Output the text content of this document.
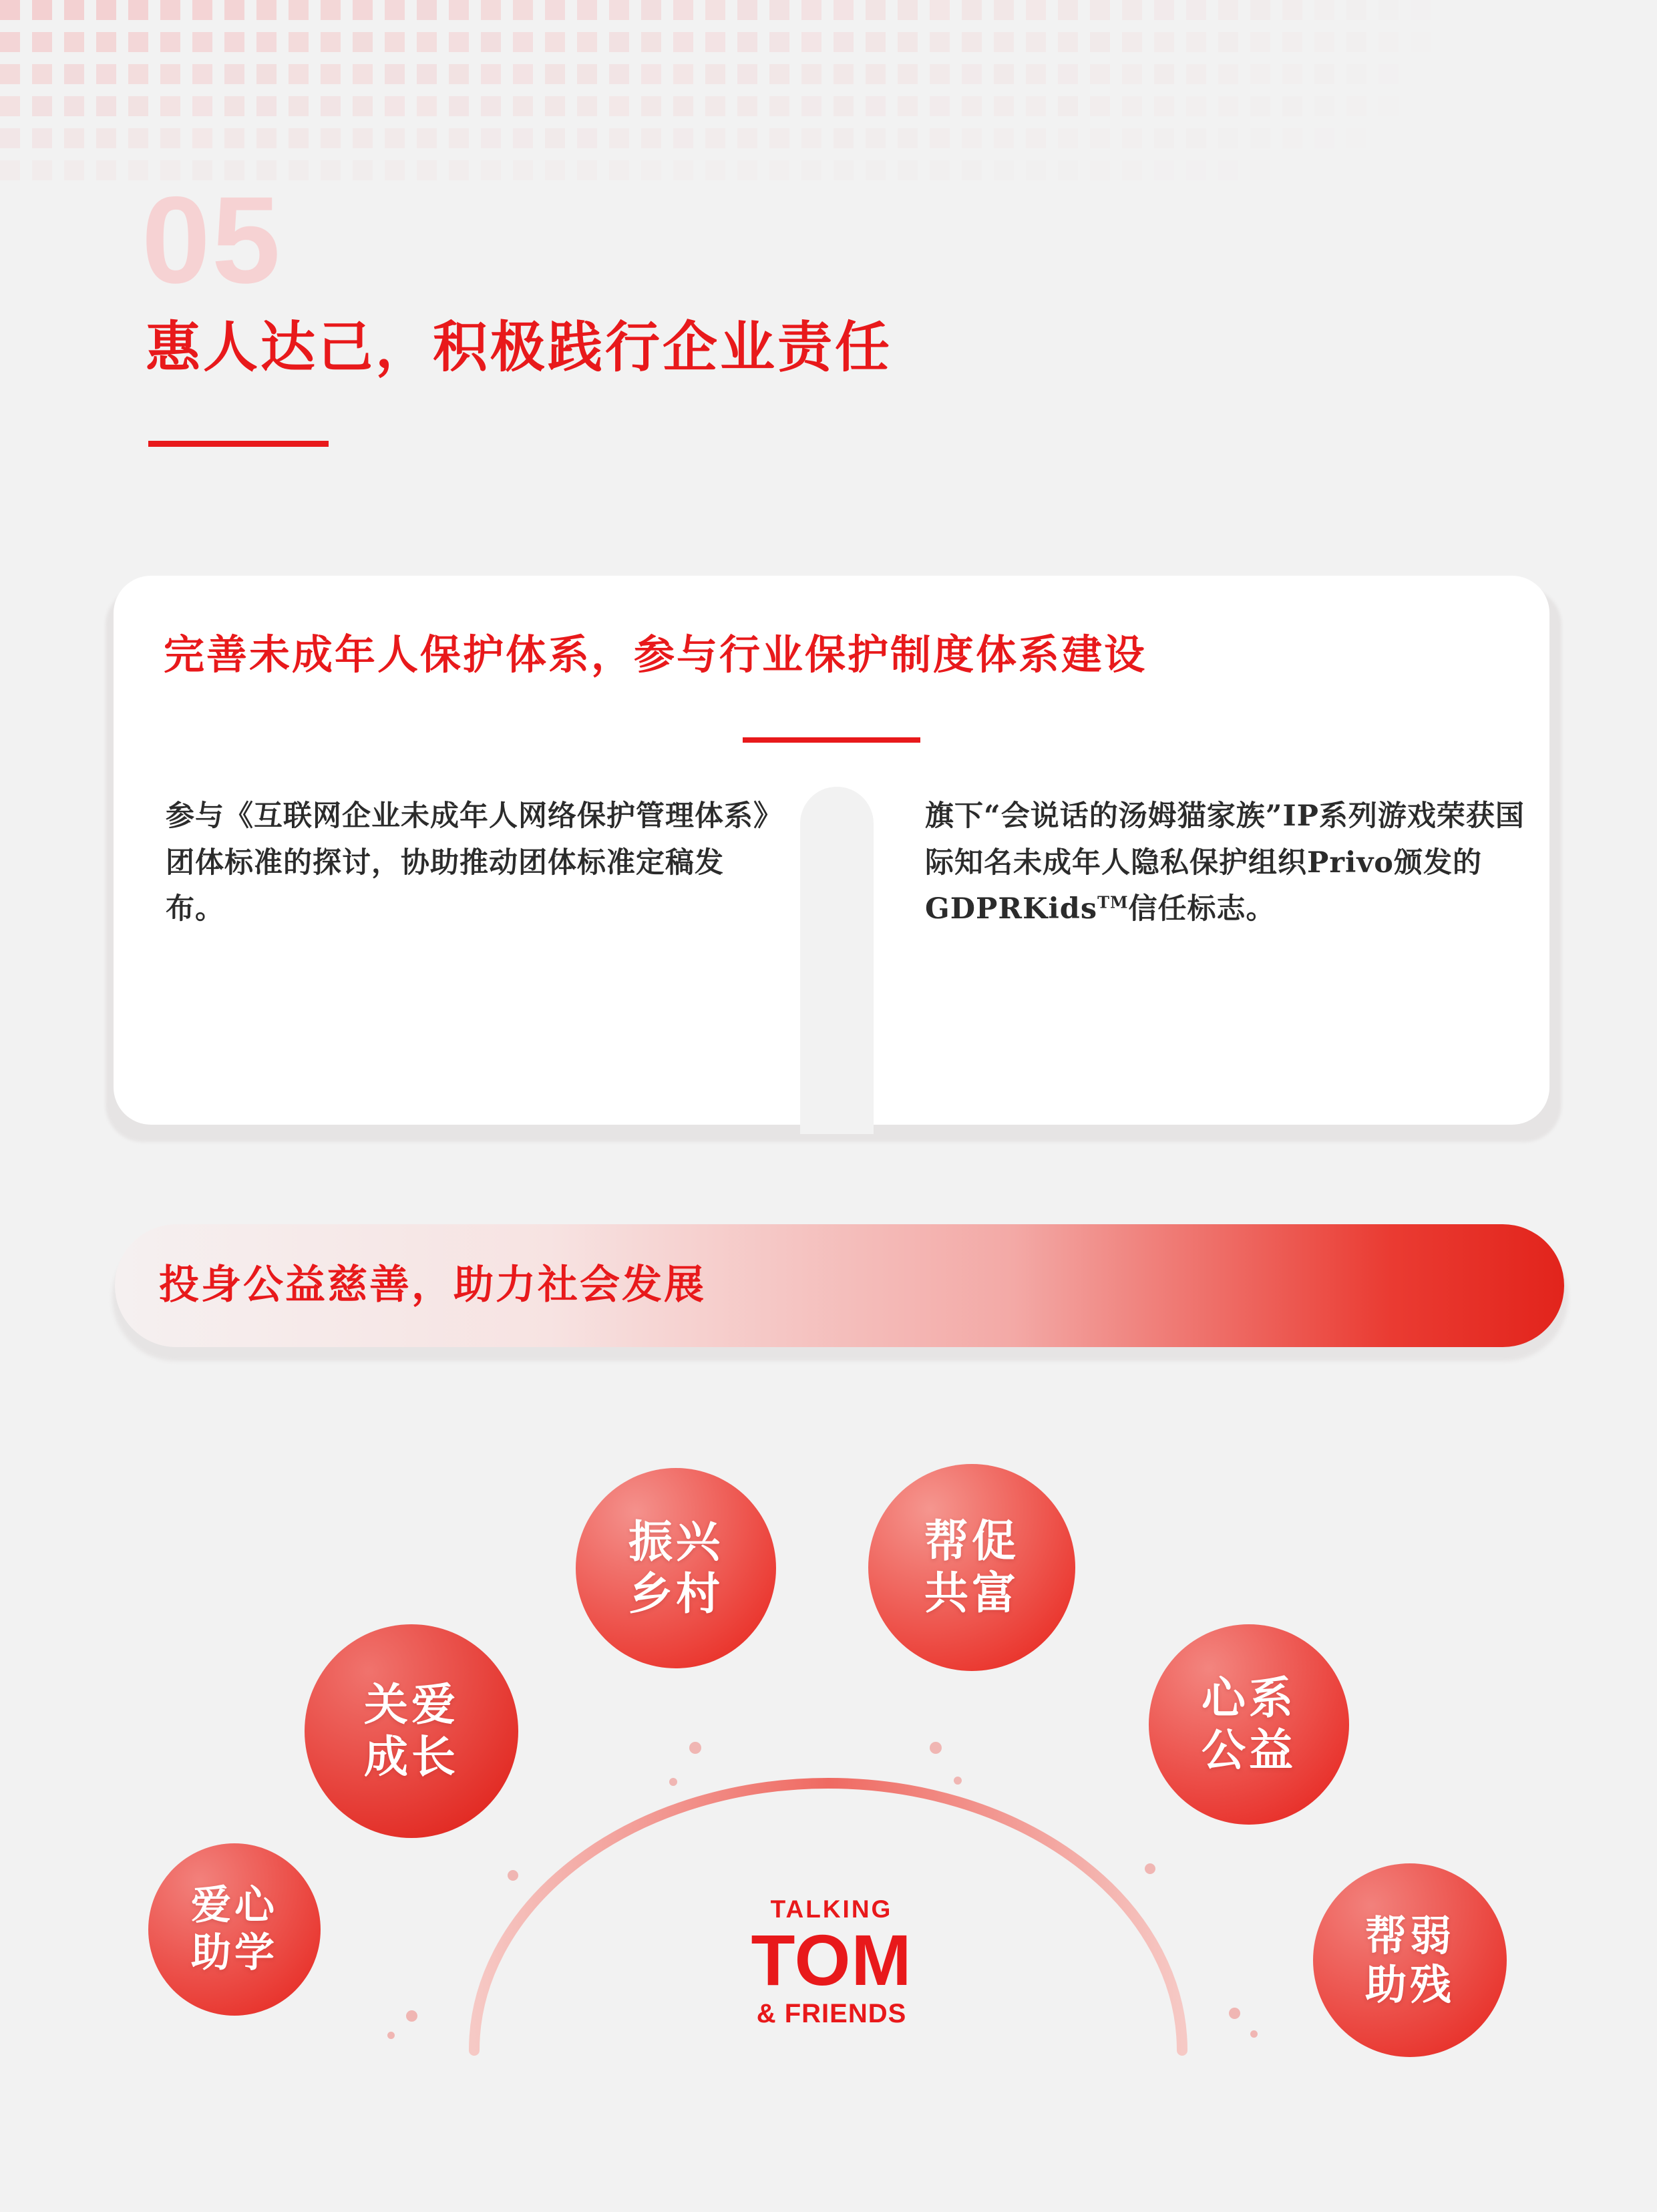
05
惠人达己，积极践行企业责任
完善未成年人保护体系，参与行业保护制度体系建设
参与《互联网企业未成年人网络保护管理体系》团体标准的探讨，协助推动团体标准定稿发布。
旗下“会说话的汤姆猫家族”IP系列游戏荣获国际知名未成年人隐私保护组织Privo颁发的GDPRKids™信任标志。
投身公益慈善，助力社会发展
爱心
助学
关爱
成长
振兴
乡村
帮促
共富
心系
公益
帮弱
助残
TALKING
TOM
& FRIENDS
